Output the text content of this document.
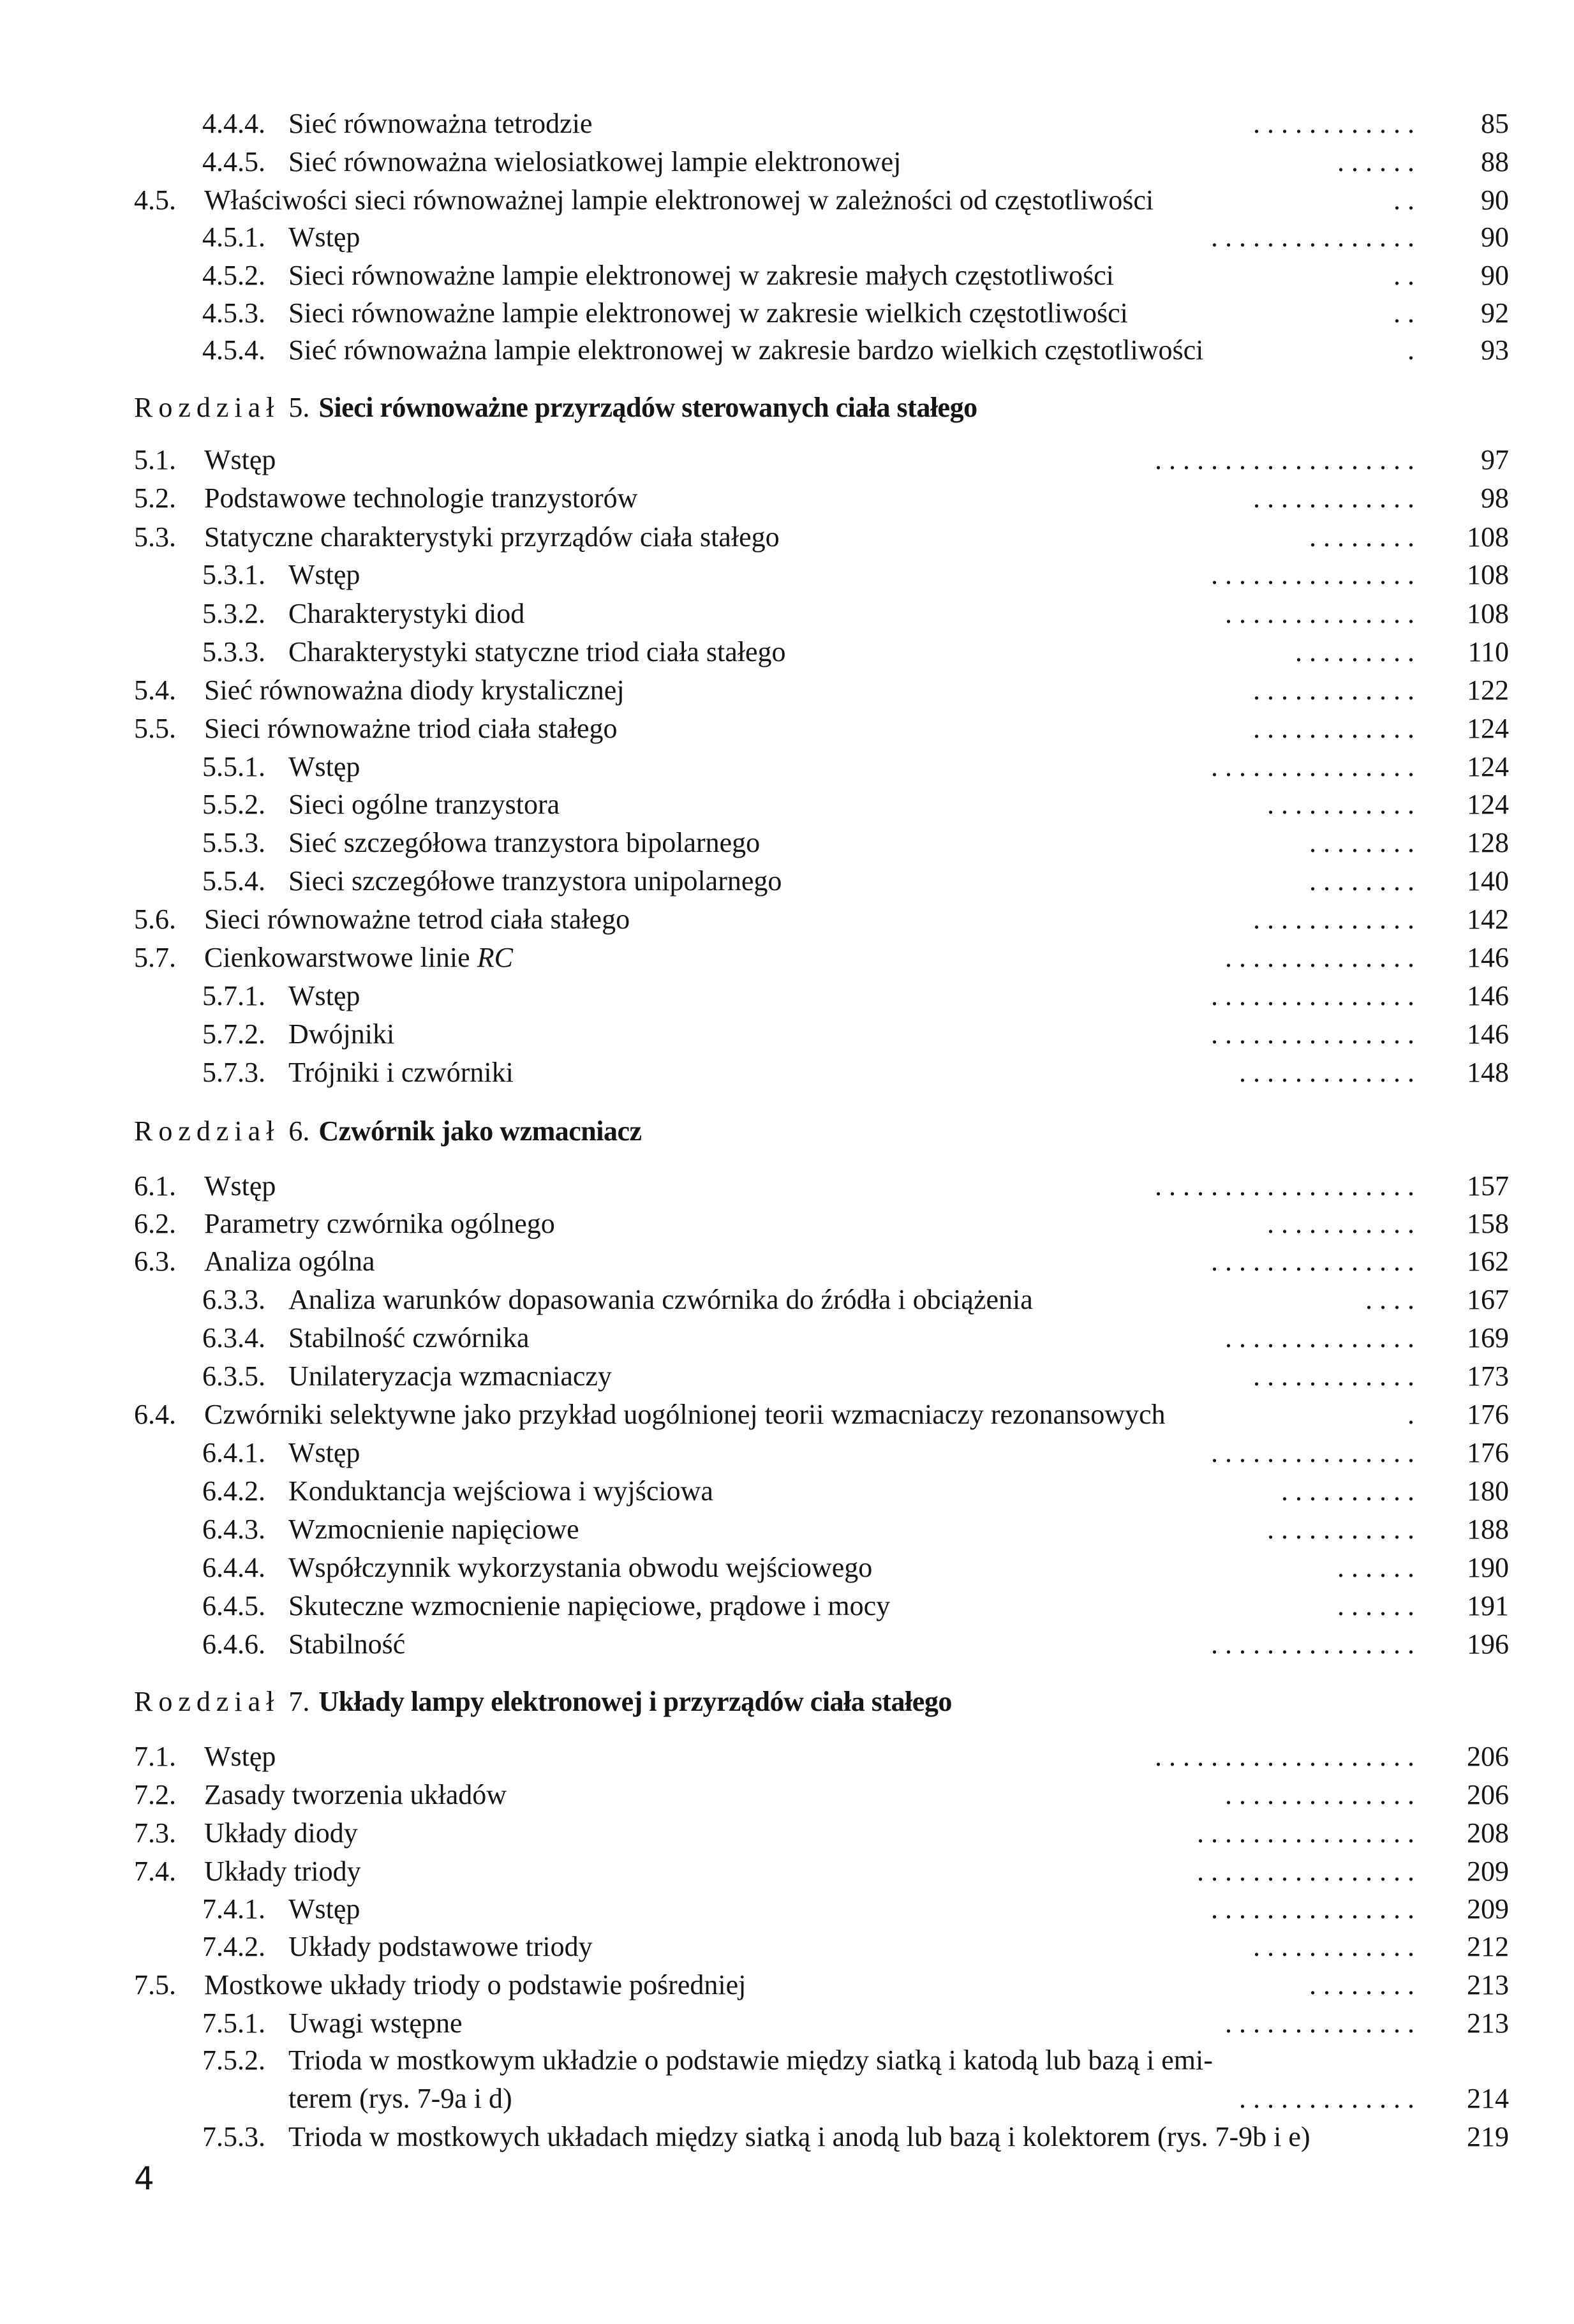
4.4.4. Sieć równoważna tetrodzie	. . . . . . . . . . . . 85
4.4.5. Sieć równoważna wielosiatkowej lampie elektronowej	. . . . . . 88
4.5. Właściwości sieci równoważnej lampie elektronowej w zależności od częstotliwości	. . 90
4.5.1. Wstęp	. . . . . . . . . . . . . . . 90
4.5.2. Sieci równoważne lampie elektronowej w zakresie małych częstotliwości	. . 90
4.5.3. Sieci równoważne lampie elektronowej w zakresie wielkich częstotliwości	. . 92
4.5.4. Sieć równoważna lampie elektronowej w zakresie bardzo wielkich częstotliwości	. 93
Rozdział 5. Sieci równoważne przyrządów sterowanych ciała stałego
5.1. Wstęp	. . . . . . . . . . . . . . . . . . . 97
5.2. Podstawowe technologie tranzystorów	. . . . . . . . . . . . 98
5.3. Statyczne charakterystyki przyrządów ciała stałego	. . . . . . . . 108
5.3.1. Wstęp	. . . . . . . . . . . . . . . 108
5.3.2. Charakterystyki diod	. . . . . . . . . . . . . . 108
5.3.3. Charakterystyki statyczne triod ciała stałego	. . . . . . . . . 110
5.4. Sieć równoważna diody krystalicznej	. . . . . . . . . . . . 122
5.5. Sieci równoważne triod ciała stałego	. . . . . . . . . . . . 124
5.5.1. Wstęp	. . . . . . . . . . . . . . . 124
5.5.2. Sieci ogólne tranzystora	. . . . . . . . . . . 124
5.5.3. Sieć szczegółowa tranzystora bipolarnego	. . . . . . . . 128
5.5.4. Sieci szczegółowe tranzystora unipolarnego	. . . . . . . . 140
5.6. Sieci równoważne tetrod ciała stałego	. . . . . . . . . . . . 142
5.7. Cienkowarstwowe linie RC	. . . . . . . . . . . . . . 146
5.7.1. Wstęp	. . . . . . . . . . . . . . . 146
5.7.2. Dwójniki	. . . . . . . . . . . . . . . 146
5.7.3. Trójniki i czwórniki	. . . . . . . . . . . . . 148
Rozdział 6. Czwórnik jako wzmacniacz
6.1. Wstęp	. . . . . . . . . . . . . . . . . . . 157
6.2. Parametry czwórnika ogólnego	. . . . . . . . . . . 158
6.3. Analiza ogólna	. . . . . . . . . . . . . . . 162
6.3.3. Analiza warunków dopasowania czwórnika do źródła i obciążenia	. . . . 167
6.3.4. Stabilność czwórnika	. . . . . . . . . . . . . . 169
6.3.5. Unilateryzacja wzmacniaczy	. . . . . . . . . . . . 173
6.4. Czwórniki selektywne jako przykład uogólnionej teorii wzmacniaczy rezonansowych	. 176
6.4.1. Wstęp	. . . . . . . . . . . . . . . 176
6.4.2. Konduktancja wejściowa i wyjściowa	. . . . . . . . . . 180
6.4.3. Wzmocnienie napięciowe	. . . . . . . . . . . 188
6.4.4. Współczynnik wykorzystania obwodu wejściowego	. . . . . . 190
6.4.5. Skuteczne wzmocnienie napięciowe, prądowe i mocy	. . . . . . 191
6.4.6. Stabilność	. . . . . . . . . . . . . . . 196
Rozdział 7. Układy lampy elektronowej i przyrządów ciała stałego
7.1. Wstęp	. . . . . . . . . . . . . . . . . . . 206
7.2. Zasady tworzenia układów	. . . . . . . . . . . . . . 206
7.3. Układy diody	. . . . . . . . . . . . . . . . 208
7.4. Układy triody	. . . . . . . . . . . . . . . . 209
7.4.1. Wstęp	. . . . . . . . . . . . . . . 209
7.4.2. Układy podstawowe triody	. . . . . . . . . . . . 212
7.5. Mostkowe układy triody o podstawie pośredniej	. . . . . . . . 213
7.5.1. Uwagi wstępne	. . . . . . . . . . . . . . 213
7.5.2. Trioda w mostkowym układzie o podstawie między siatką i katodą lub bazą i emi-
terem (rys. 7-9a i d)	. . . . . . . . . . . . . 214
7.5.3. Trioda w mostkowych układach między siatką i anodą lub bazą i kolektorem (rys. 7-9b i e)	219
4
